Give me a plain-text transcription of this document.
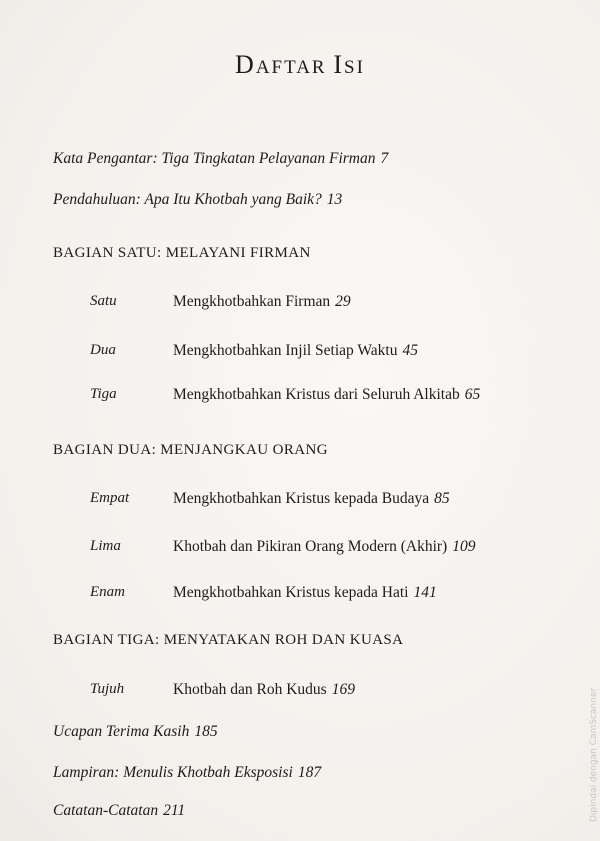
DAFTAR ISI
Kata Pengantar: Tiga Tingkatan Pelayanan Firman 7
Pendahuluan: Apa Itu Khotbah yang Baik? 13
BAGIAN SATU: MELAYANI FIRMAN
Satu	Mengkhotbahkan Firman 29
Dua	Mengkhotbahkan Injil Setiap Waktu 45
Tiga	Mengkhotbahkan Kristus dari Seluruh Alkitab 65
BAGIAN DUA: MENJANGKAU ORANG
Empat	Mengkhotbahkan Kristus kepada Budaya 85
Lima	Khotbah dan Pikiran Orang Modern (Akhir) 109
Enam	Mengkhotbahkan Kristus kepada Hati 141
BAGIAN TIGA: MENYATAKAN ROH DAN KUASA
Tujuh	Khotbah dan Roh Kudus 169
Ucapan Terima Kasih 185
Lampiran: Menulis Khotbah Eksposisi 187
Catatan-Catatan 211	Dipindai dengan CamScanner
